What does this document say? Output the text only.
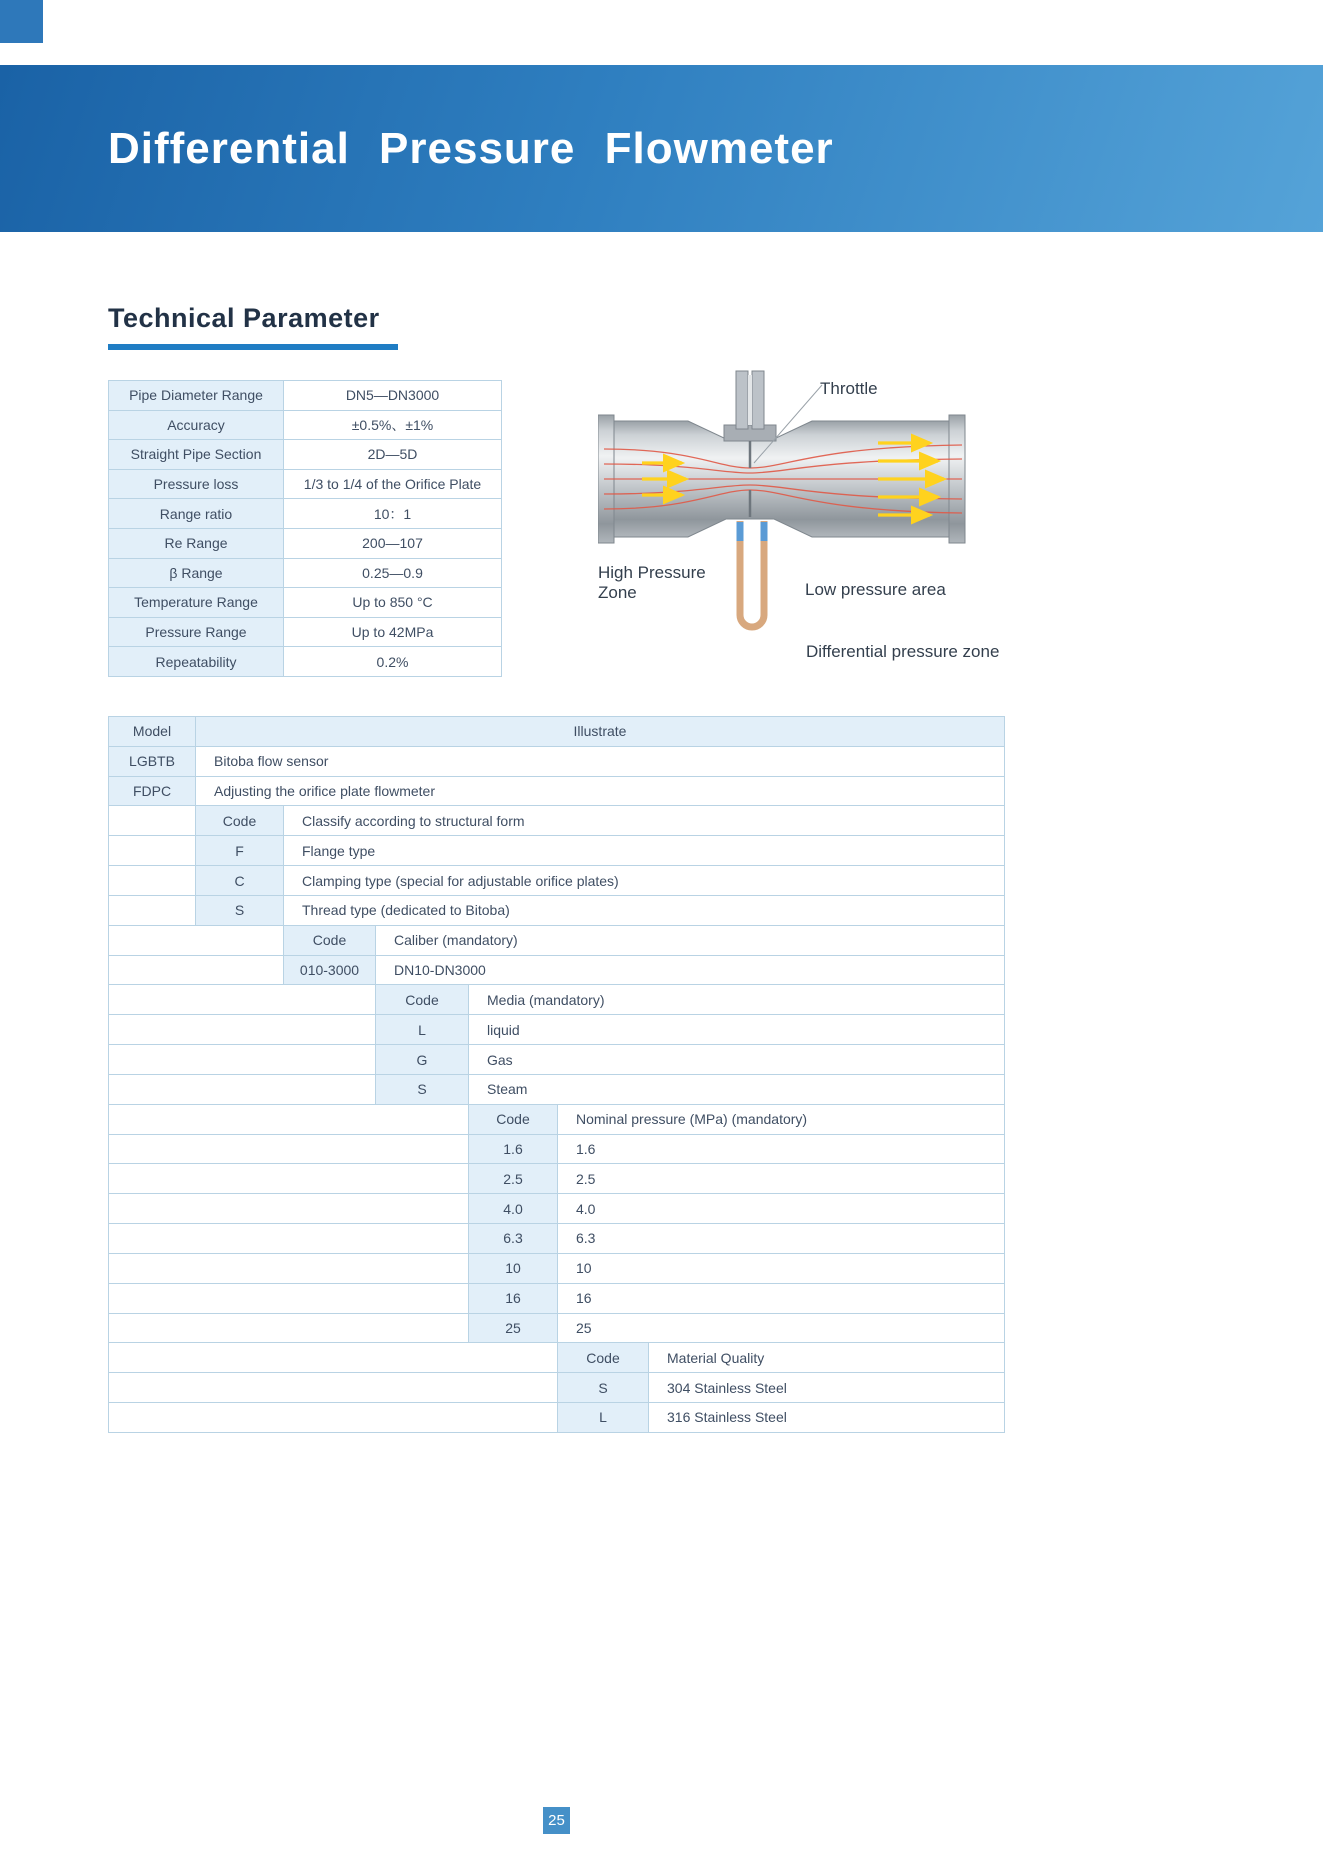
Differential Pressure Flowmeter
Technical Parameter
Pipe Diameter Range	DN5—DN3000
Accuracy	±0.5%、±1%
Straight Pipe Section	2D—5D
Pressure loss	1/3 to 1/4 of the Orifice Plate
Range ratio	10：1
Re Range	200—107
β Range	0.25—0.9
Temperature Range	Up to 850 °C
Pressure Range	Up to 42MPa
Repeatability	0.2%
Throttle
High Pressure Zone	Low pressure area
Differential pressure zone
Model	Illustrate
LGBTB	Bitoba flow sensor
FDPC	Adjusting the orifice plate flowmeter
Code	Classify according to structural form
F	Flange type
C	Clamping type (special for adjustable orifice plates)
S	Thread type (dedicated to Bitoba)
Code	Caliber (mandatory)
010-3000	DN10-DN3000
Code	Media (mandatory)
L	liquid
G	Gas
S	Steam
Code	Nominal pressure (MPa) (mandatory)
1.6	1.6
2.5	2.5
4.0	4.0
6.3	6.3
10	10
16	16
25	25
Code	Material Quality
S	304 Stainless Steel
L	316 Stainless Steel
25
